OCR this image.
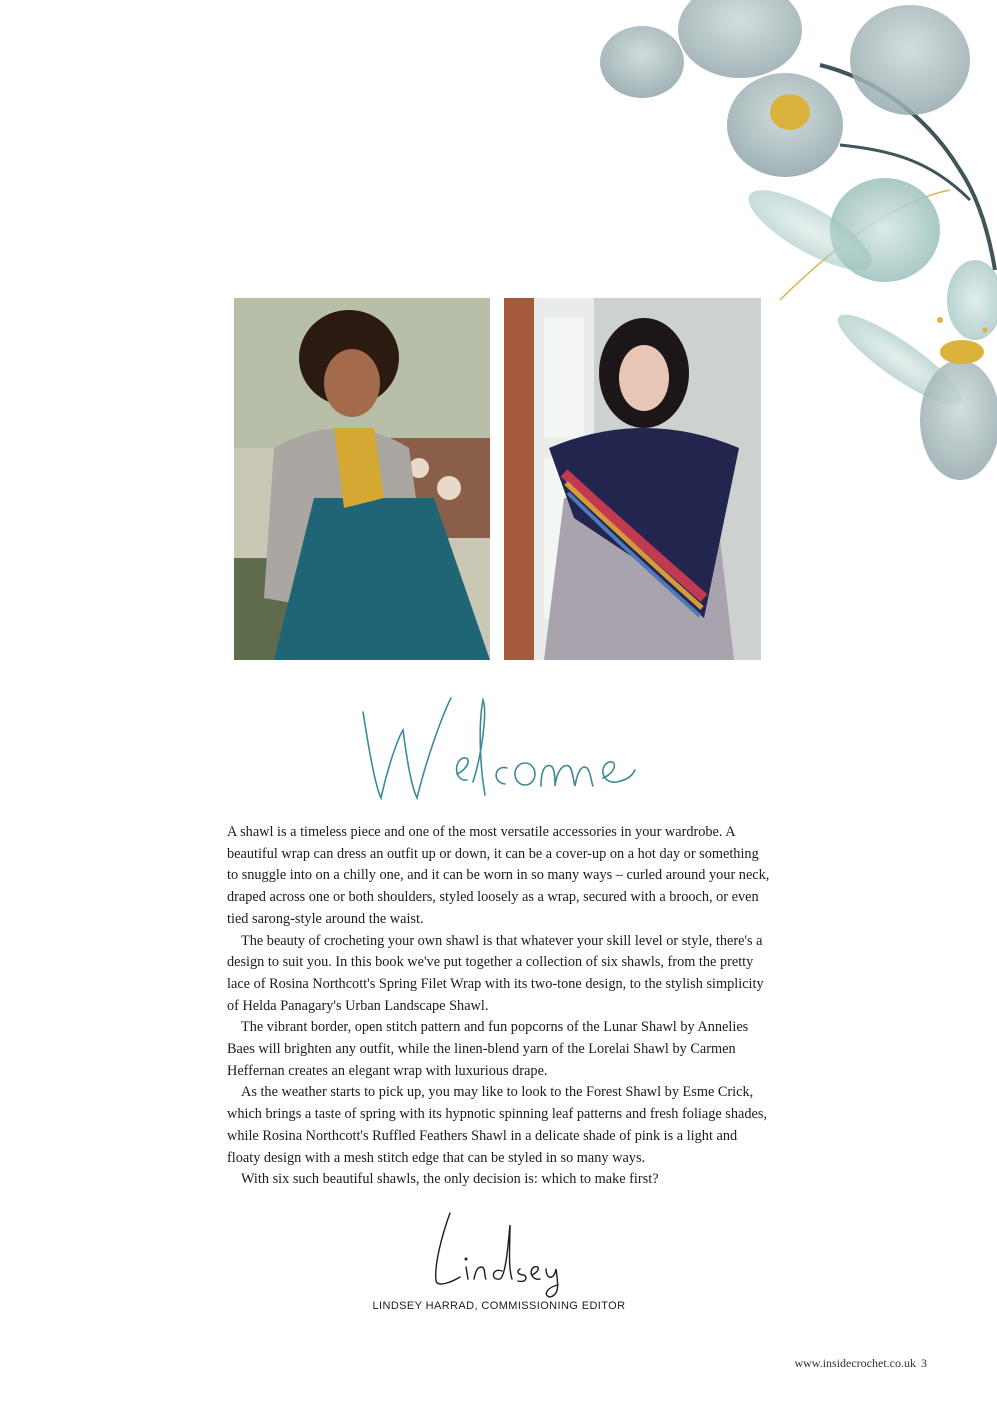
A shawl is a timeless piece and one of the most versatile accessories in your wardrobe. A beautiful wrap can dress an outfit up or down, it can be a cover-up on a hot day or something to snuggle into on a chilly one, and it can be worn in so many ways – curled around your neck, draped across one or both shoulders, styled loosely as a wrap, secured with a brooch, or even tied sarong-style around the waist.

The beauty of crocheting your own shawl is that whatever your skill level or style, there's a design to suit you. In this book we've put together a collection of six shawls, from the pretty lace of Rosina Northcott's Spring Filet Wrap with its two-tone design, to the stylish simplicity of Helda Panagary's Urban Landscape Shawl.

The vibrant border, open stitch pattern and fun popcorns of the Lunar Shawl by Annelies Baes will brighten any outfit, while the linen-blend yarn of the Lorelai Shawl by Carmen Heffernan creates an elegant wrap with luxurious drape.

As the weather starts to pick up, you may like to look to the Forest Shawl by Esme Crick, which brings a taste of spring with its hypnotic spinning leaf patterns and fresh foliage shades, while Rosina Northcott's Ruffled Feathers Shawl in a delicate shade of pink is a light and floaty design with a mesh stitch edge that can be styled in so many ways.

With six such beautiful shawls, the only decision is: which to make first?

LINDSEY HARRAD, COMMISSIONING EDITOR
www.insidecrochet.co.uk 3
